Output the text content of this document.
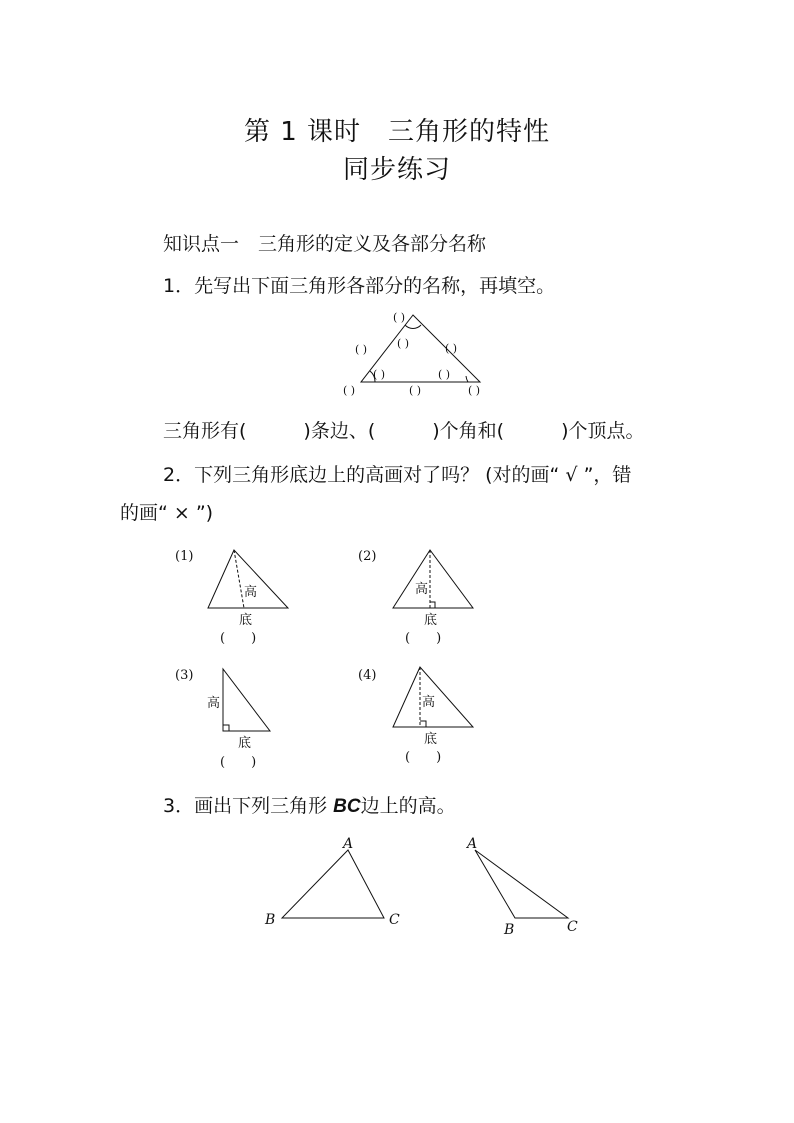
第 1 课时　三角形的特性
同步练习
知识点一　三角形的定义及各部分名称
1．先写出下面三角形各部分的名称，再填空。
( )
( )	( )	( )
( )	( )
( )	( )	( )
三角形有(　　　)条边、(　　　)个角和(　　　)个顶点。
2．下列三角形底边上的高画对了吗？ (对的画“ √ ”，错
的画“ × ”)
(1)
高
底
(　　)
(2)
高
底
(　　)
(3)
高
底
(　　)
(4)
高
底
(　　)
3．画出下列三角形 BC边上的高。
A
B	C
A
B	C
